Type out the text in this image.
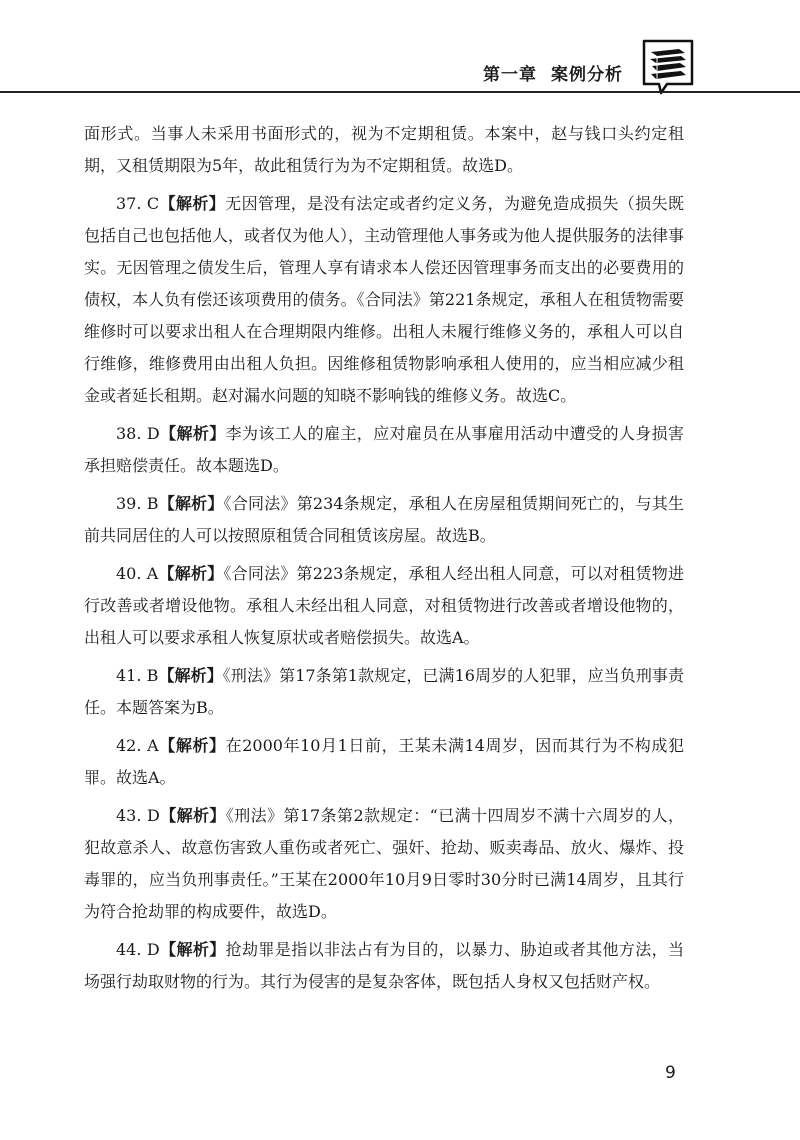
第一章 案例分析

面形式。当事人未采用书面形式的，视为不定期租赁。本案中，赵与钱口头约定租期，又租赁期限为5年，故此租赁行为为不定期租赁。故选D。

37. C【解析】无因管理，是没有法定或者约定义务，为避免造成损失（损失既包括自己也包括他人，或者仅为他人），主动管理他人事务或为他人提供服务的法律事实。无因管理之债发生后，管理人享有请求本人偿还因管理事务而支出的必要费用的债权，本人负有偿还该项费用的债务。《合同法》第221条规定，承租人在租赁物需要维修时可以要求出租人在合理期限内维修。出租人未履行维修义务的，承租人可以自行维修，维修费用由出租人负担。因维修租赁物影响承租人使用的，应当相应减少租金或者延长租期。赵对漏水问题的知晓不影响钱的维修义务。故选C。

38. D【解析】李为该工人的雇主，应对雇员在从事雇用活动中遭受的人身损害承担赔偿责任。故本题选D。

39. B【解析】《合同法》第234条规定，承租人在房屋租赁期间死亡的，与其生前共同居住的人可以按照原租赁合同租赁该房屋。故选B。

40. A【解析】《合同法》第223条规定，承租人经出租人同意，可以对租赁物进行改善或者增设他物。承租人未经出租人同意，对租赁物进行改善或者增设他物的，出租人可以要求承租人恢复原状或者赔偿损失。故选A。

41. B【解析】《刑法》第17条第1款规定，已满16周岁的人犯罪，应当负刑事责任。本题答案为B。

42. A【解析】在2000年10月1日前，王某未满14周岁，因而其行为不构成犯罪。故选A。

43. D【解析】《刑法》第17条第2款规定：“已满十四周岁不满十六周岁的人，犯故意杀人、故意伤害致人重伤或者死亡、强奸、抢劫、贩卖毒品、放火、爆炸、投毒罪的，应当负刑事责任。”王某在2000年10月9日零时30分时已满14周岁，且其行为符合抢劫罪的构成要件，故选D。

44. D【解析】抢劫罪是指以非法占有为目的，以暴力、胁迫或者其他方法，当场强行劫取财物的行为。其行为侵害的是复杂客体，既包括人身权又包括财产权。

9
